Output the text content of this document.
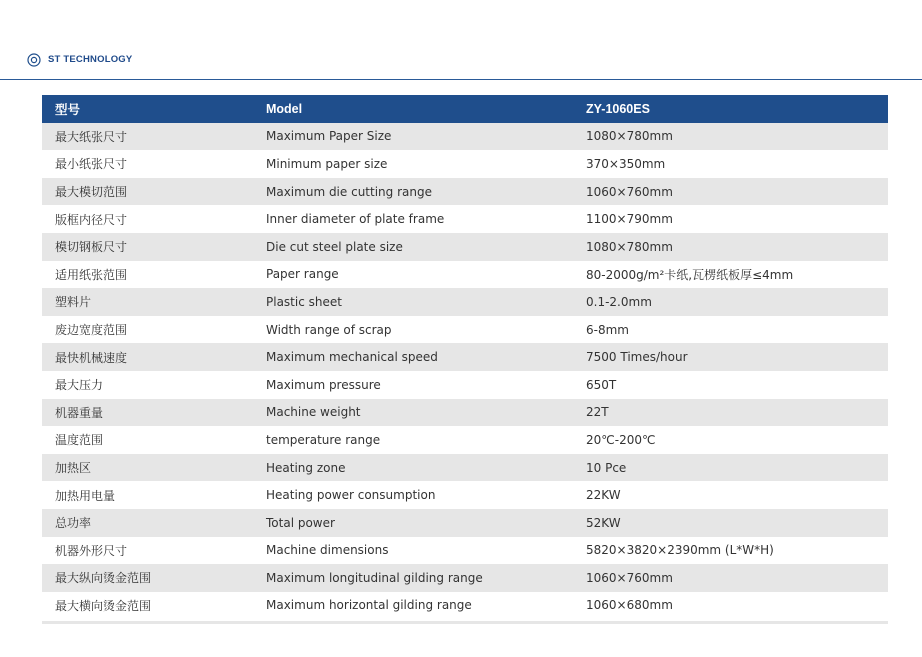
ST TECHNOLOGY
型号	Model	ZY-1060ES
最大纸张尺寸	Maximum Paper Size	1080×780mm
最小纸张尺寸	Minimum paper size	370×350mm
最大模切范围	Maximum die cutting range	1060×760mm
版框内径尺寸	Inner diameter of plate frame	1100×790mm
模切钢板尺寸	Die cut steel plate size	1080×780mm
适用纸张范围	Paper range	80-2000g/m²卡纸,瓦楞纸板厚≤4mm
塑料片	Plastic sheet	0.1-2.0mm
废边宽度范围	Width range of scrap	6-8mm
最快机械速度	Maximum mechanical speed	7500 Times/hour
最大压力	Maximum pressure	650T
机器重量	Machine weight	22T
温度范围	temperature range	20℃-200℃
加热区	Heating zone	10 Pce
加热用电量	Heating power consumption	22KW
总功率	Total power	52KW
机器外形尺寸	Machine dimensions	5820×3820×2390mm (L*W*H)
最大纵向烫金范围	Maximum longitudinal gilding range	1060×760mm
最大横向烫金范围	Maximum horizontal gilding range	1060×680mm
